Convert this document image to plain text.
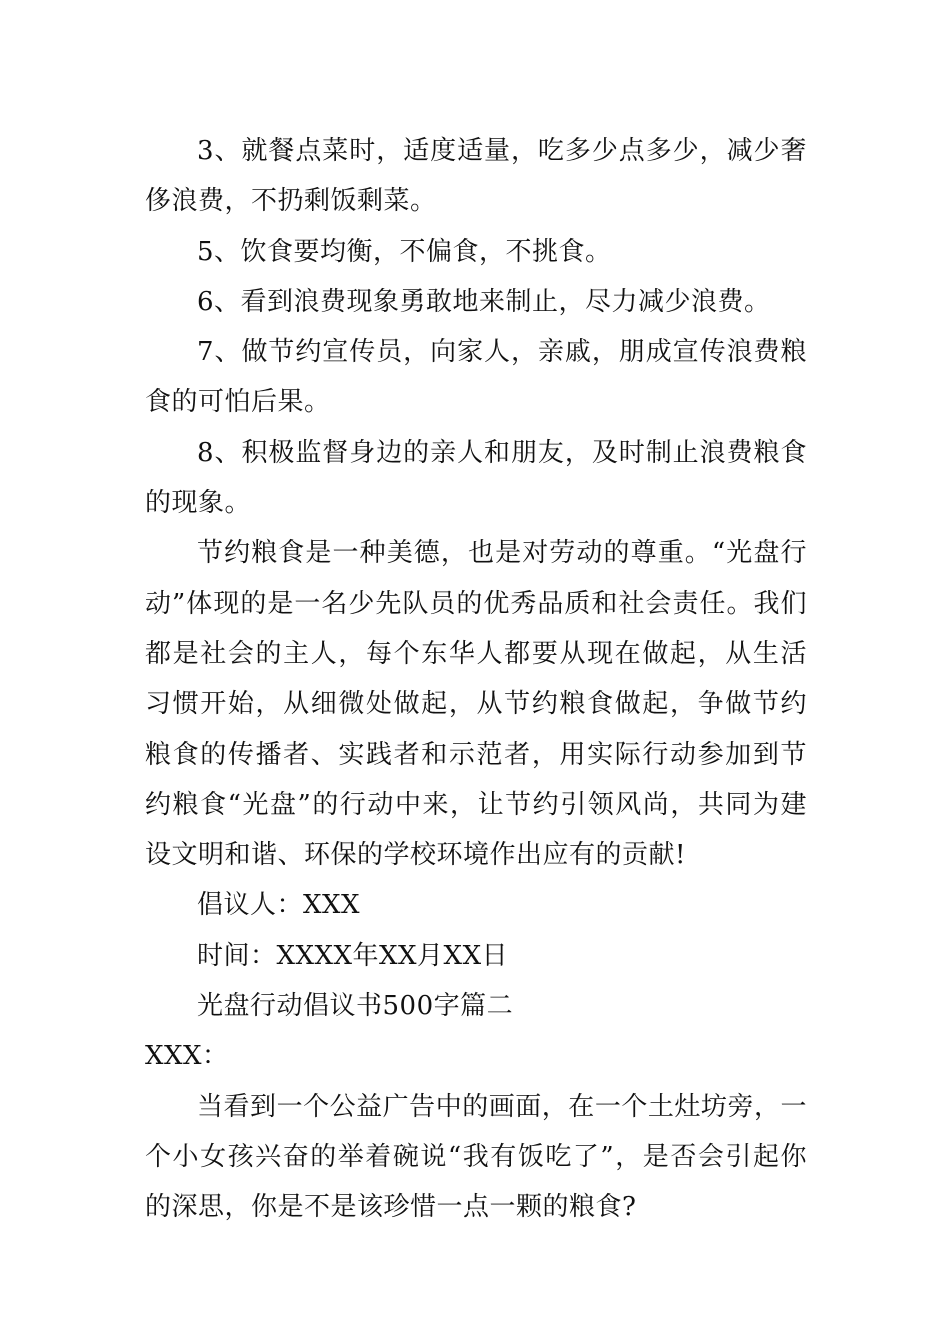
3、就餐点菜时，适度适量，吃多少点多少，减少奢侈浪费，不扔剩饭剩菜。

5、饮食要均衡，不偏食，不挑食。

6、看到浪费现象勇敢地来制止，尽力减少浪费。

7、做节约宣传员，向家人，亲戚，朋成宣传浪费粮食的可怕后果。

8、积极监督身边的亲人和朋友，及时制止浪费粮食的现象。

节约粮食是一种美德，也是对劳动的尊重。“光盘行动”体现的是一名少先队员的优秀品质和社会责任。我们都是社会的主人，每个东华人都要从现在做起，从生活习惯开始，从细微处做起，从节约粮食做起，争做节约粮食的传播者、实践者和示范者，用实际行动参加到节约粮食“光盘”的行动中来，让节约引领风尚，共同为建设文明和谐、环保的学校环境作出应有的贡献!

倡议人：XXX

时间：XXXX年XX月XX日

光盘行动倡议书500字篇二

XXX：

当看到一个公益广告中的画面，在一个土灶坊旁，一个小女孩兴奋的举着碗说“我有饭吃了”，是否会引起你的深思，你是不是该珍惜一点一颗的粮食?
